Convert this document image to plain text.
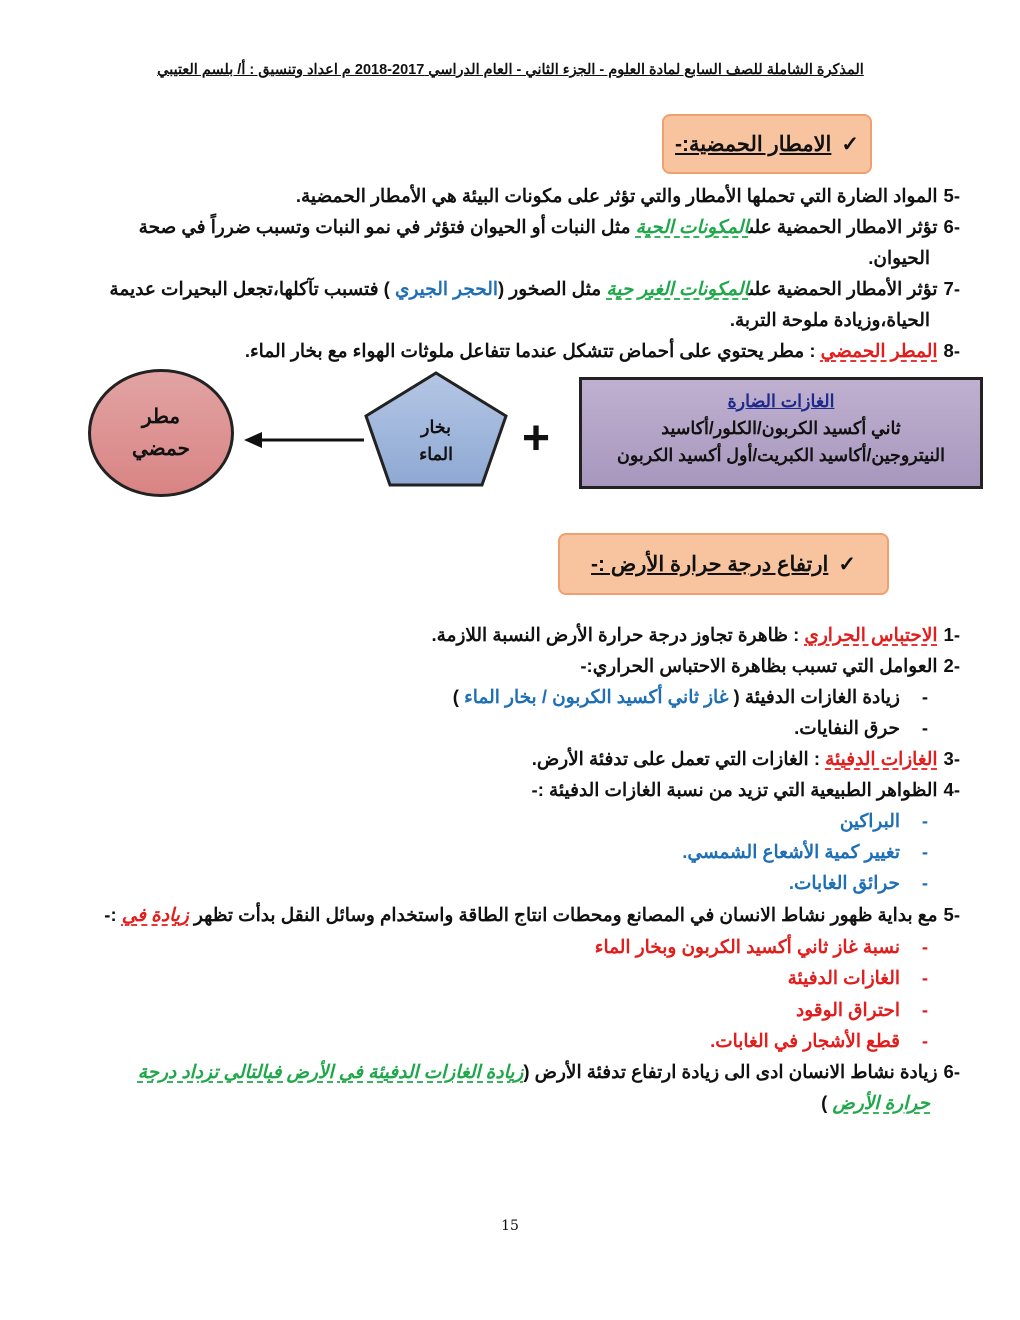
المذكرة الشاملة للصف السابع لمادة العلوم - الجزء الثاني - العام الدراسي 2017-2018 م اعداد وتنسيق : أ/ بلسم العتيبي
✓
الامطار الحمضية:-
-5المواد الضارة التي تحملها الأمطار والتي تؤثر على مكونات البيئة هي الأمطار الحمضية.
-6تؤثر الامطار الحمضية علىالمكونات الحية مثل النبات أو الحيوان فتؤثر في نمو النبات وتسبب ضرراً في صحة
الحيوان.
-7تؤثر الأمطار الحمضية علىالمكونات الغير حية مثل الصخور (الحجر الجيري ) فتسبب تآكلها،تجعل البحيرات عديمة
الحياة،وزيادة ملوحة التربة.
-8المطر الحمضي : مطر يحتوي على أحماض تتشكل عندما تتفاعل ملوثات الهواء مع بخار الماء.
الغازات الضارة
ثاني أكسيد الكربون/الكلور/أكاسيد
النيتروجين/أكاسيد الكبريت/أول أكسيد الكربون
+
بخار
الماء
مطر
حمضي
✓
ارتفاع درجة حرارة الأرض :-
-1الاحتباس الحراري : ظاهرة تجاوز درجة حرارة الأرض النسبة اللازمة.
-2العوامل التي تسبب بظاهرة الاحتباس الحراري:-
-زيادة الغازات الدفيئة ( غاز ثاني أكسيد الكربون / بخار الماء )
-حرق النفايات.
-3الغازات الدفيئة : الغازات التي تعمل على تدفئة الأرض.
-4الظواهر الطبيعية التي تزيد من نسبة الغازات الدفيئة :-
-البراكين
-تغيير كمية الأشعاع الشمسي.
-حرائق الغابات.
-5مع بداية ظهور نشاط الانسان في المصانع ومحطات انتاج الطاقة واستخدام وسائل النقل بدأت تظهر زيادة في :-
-نسبة غاز ثاني أكسيد الكربون وبخار الماء
-الغازات الدفيئة
-احتراق الوقود
-قطع الأشجار في الغابات.
-6زيادة نشاط الانسان ادى الى زيادة ارتفاع تدفئة الأرض (زيادة الغازات الدفيئة في الأرض فبالتالي تزداد درجة
حرارة الأرض )
15
